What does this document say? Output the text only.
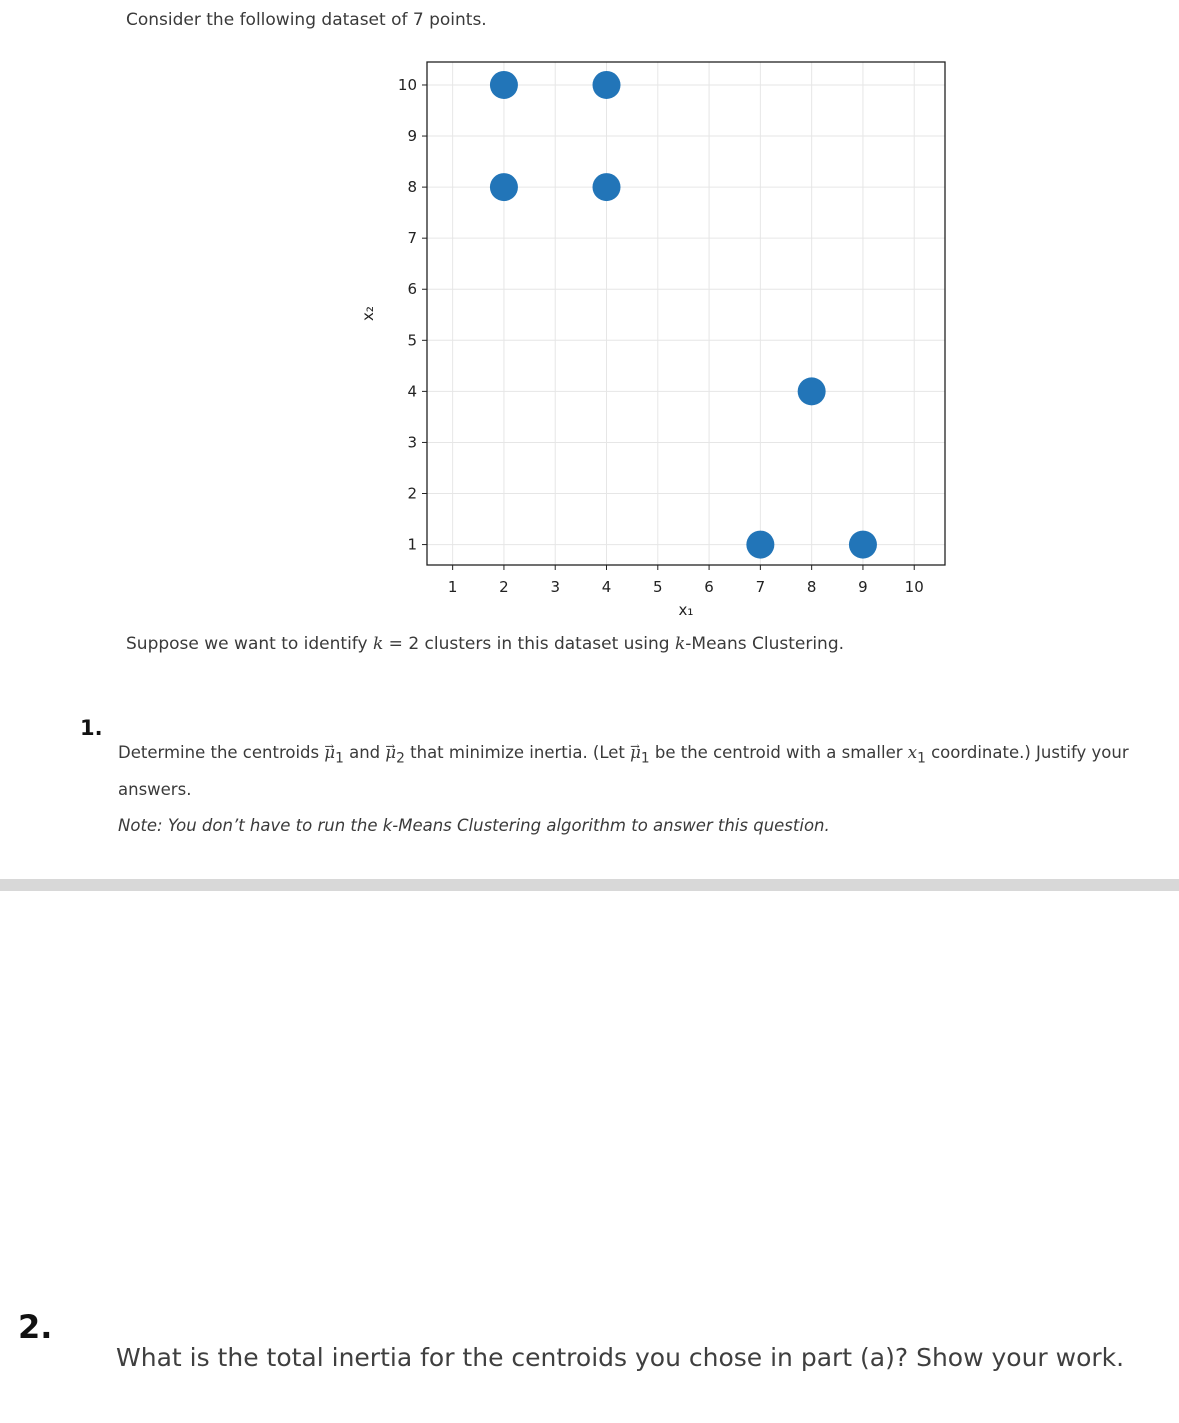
Consider the following dataset of 7 points.
1	2	3	4	5	6	7	8	9 10
1
2
3
4
5
6
7
8
9
10
x₁
x₂
Suppose we want to identify k = 2 clusters in this dataset using k-Means Clustering.
1.
Determine the centroids → $\mu_1$ and → $\mu_2$ that minimize inertia. ($Let \to \mu_1$ be the centroid with a smaller $x_1$ coordinate.) Justify your answers.
Note: You don’t have to run the k-Means Clustering algorithm to answer this question.
2.
What is the total inertia for the centroids you chose in part (a)? Show your work.
